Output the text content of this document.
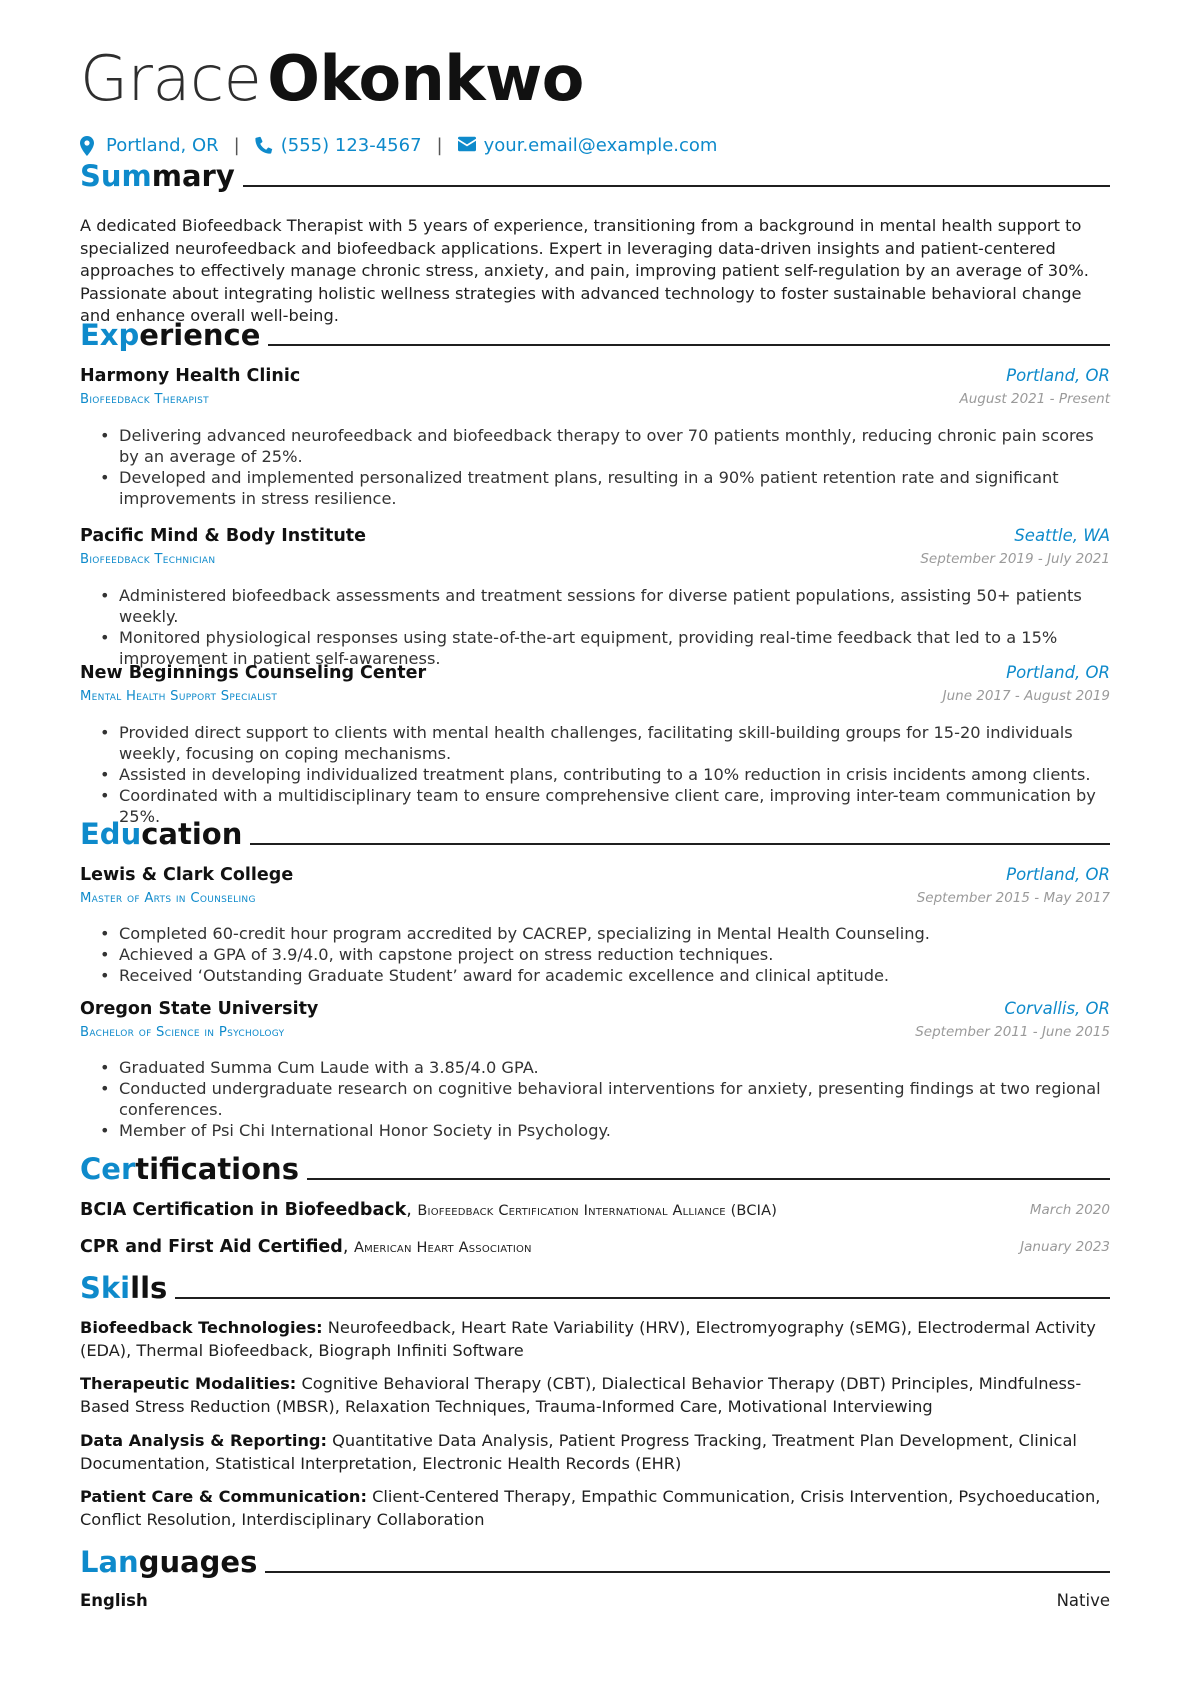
GraceOkonkwo
Portland, OR | (555) 123-4567 | your.email@example.com
Summary
A dedicated Biofeedback Therapist with 5 years of experience, transitioning from a background in mental health support to specialized neurofeedback and biofeedback applications. Expert in leveraging data-driven insights and patient-centered approaches to effectively manage chronic stress, anxiety, and pain, improving patient self-regulation by an average of 30%. Passionate about integrating holistic wellness strategies with advanced technology to foster sustainable behavioral change and enhance overall well-being.
Experience
Harmony Health Clinic	Portland, OR
Biofeedback Therapist	August 2021 - Present
• Delivering advanced neurofeedback and biofeedback therapy to over 70 patients monthly, reducing chronic pain scores by an average of 25%.
• Developed and implemented personalized treatment plans, resulting in a 90% patient retention rate and significant improvements in stress resilience.
Pacific Mind & Body Institute	Seattle, WA
Biofeedback Technician	September 2019 - July 2021
• Administered biofeedback assessments and treatment sessions for diverse patient populations, assisting 50+ patients weekly.
• Monitored physiological responses using state-of-the-art equipment, providing real-time feedback that led to a 15% improvement in patient self-awareness.
New Beginnings Counseling Center	Portland, OR
Mental Health Support Specialist	June 2017 - August 2019
• Provided direct support to clients with mental health challenges, facilitating skill-building groups for 15-20 individuals weekly, focusing on coping mechanisms.
• Assisted in developing individualized treatment plans, contributing to a 10% reduction in crisis incidents among clients.
• Coordinated with a multidisciplinary team to ensure comprehensive client care, improving inter-team communication by 25%.
Education
Lewis & Clark College	Portland, OR
Master of Arts in Counseling	September 2015 - May 2017
• Completed 60-credit hour program accredited by CACREP, specializing in Mental Health Counseling.
• Achieved a GPA of 3.9/4.0, with capstone project on stress reduction techniques.
• Received ‘Outstanding Graduate Student’ award for academic excellence and clinical aptitude.
Oregon State University	Corvallis, OR
Bachelor of Science in Psychology	September 2011 - June 2015
• Graduated Summa Cum Laude with a 3.85/4.0 GPA.
• Conducted undergraduate research on cognitive behavioral interventions for anxiety, presenting findings at two regional conferences.
• Member of Psi Chi International Honor Society in Psychology.
Certifications
BCIA Certification in Biofeedback, Biofeedback Certification International Alliance (BCIA)	March 2020
CPR and First Aid Certified, American Heart Association	January 2023
Skills
Biofeedback Technologies: Neurofeedback, Heart Rate Variability (HRV), Electromyography (sEMG), Electrodermal Activity (EDA), Thermal Biofeedback, Biograph Infiniti Software
Therapeutic Modalities: Cognitive Behavioral Therapy (CBT), Dialectical Behavior Therapy (DBT) Principles, Mindfulness-Based Stress Reduction (MBSR), Relaxation Techniques, Trauma-Informed Care, Motivational Interviewing
Data Analysis & Reporting: Quantitative Data Analysis, Patient Progress Tracking, Treatment Plan Development, Clinical Documentation, Statistical Interpretation, Electronic Health Records (EHR)
Patient Care & Communication: Client-Centered Therapy, Empathic Communication, Crisis Intervention, Psychoeducation, Conflict Resolution, Interdisciplinary Collaboration
Languages
English	Native
